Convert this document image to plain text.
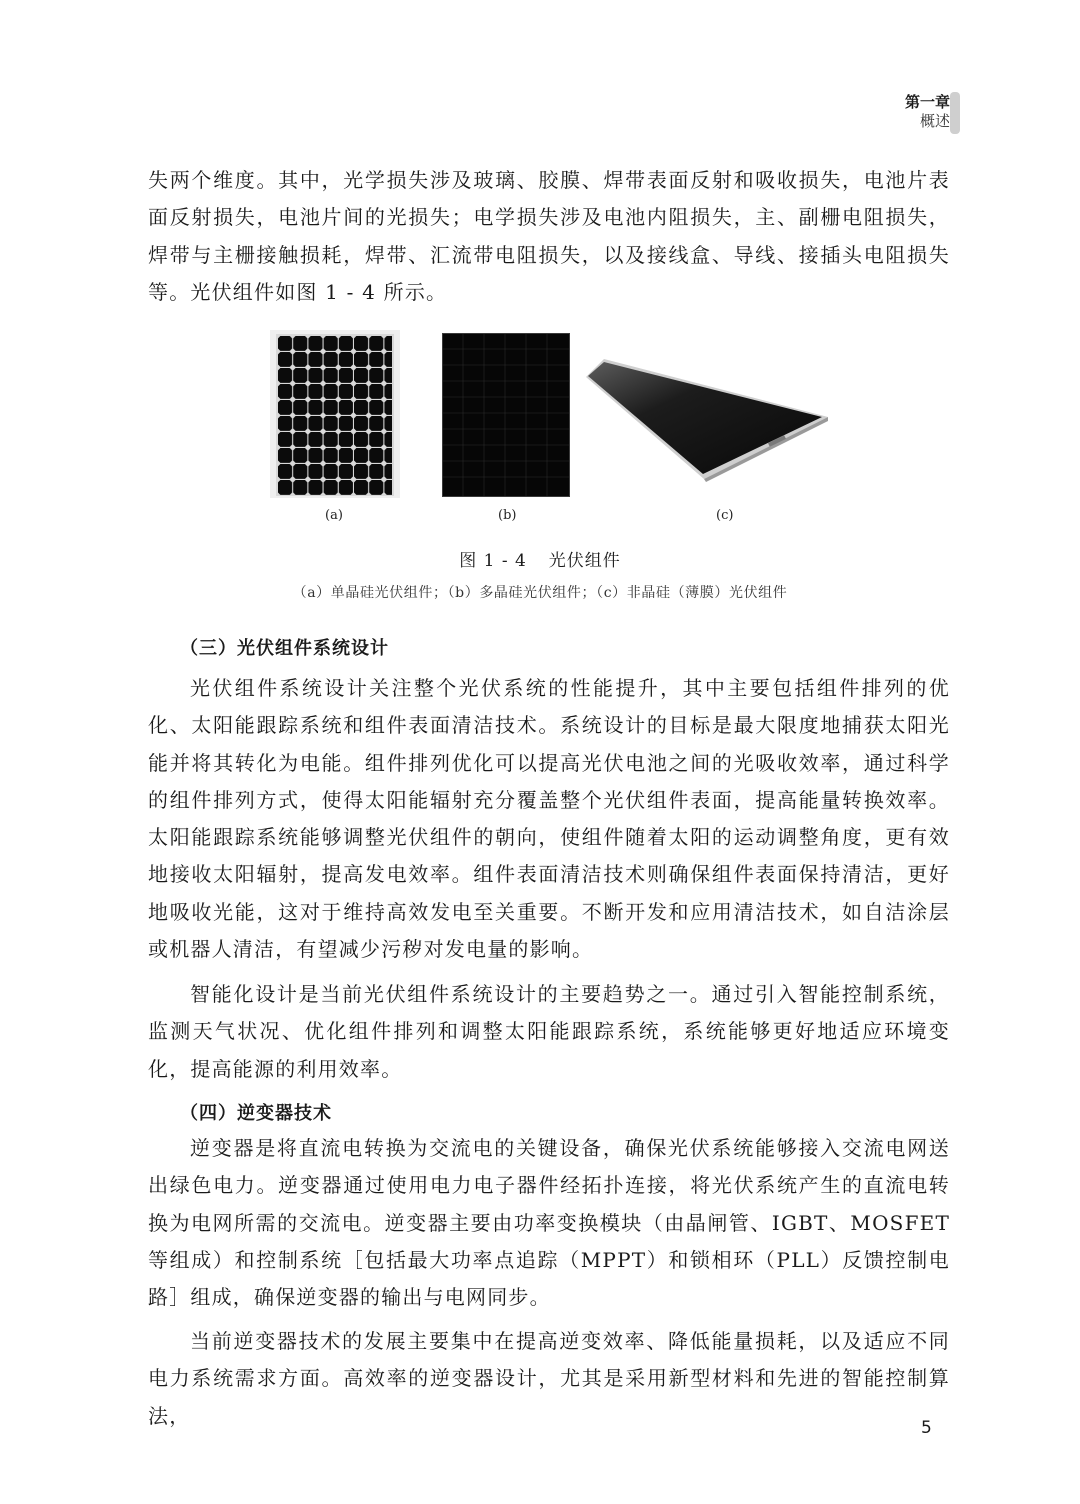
第一章
概述

失两个维度。其中，光学损失涉及玻璃、胶膜、焊带表面反射和吸收损失，电池片表面反射损失，电池片间的光损失；电学损失涉及电池内阻损失，主、副栅电阻损失，焊带与主栅接触损耗，焊带、汇流带电阻损失，以及接线盒、导线、接插头电阻损失等。光伏组件如图 1 - 4 所示。

(a)	(b)	(c)
图 1 - 4 光伏组件
（a）单晶硅光伏组件；（b）多晶硅光伏组件；（c）非晶硅（薄膜）光伏组件
（三）光伏组件系统设计

光伏组件系统设计关注整个光伏系统的性能提升，其中主要包括组件排列的优化、太阳能跟踪系统和组件表面清洁技术。系统设计的目标是最大限度地捕获太阳光能并将其转化为电能。组件排列优化可以提高光伏电池之间的光吸收效率，通过科学的组件排列方式，使得太阳能辐射充分覆盖整个光伏组件表面，提高能量转换效率。太阳能跟踪系统能够调整光伏组件的朝向，使组件随着太阳的运动调整角度，更有效地接收太阳辐射，提高发电效率。组件表面清洁技术则确保组件表面保持清洁，更好地吸收光能，这对于维持高效发电至关重要。不断开发和应用清洁技术，如自洁涂层或机器人清洁，有望减少污秽对发电量的影响。

智能化设计是当前光伏组件系统设计的主要趋势之一。通过引入智能控制系统，监测天气状况、优化组件排列和调整太阳能跟踪系统，系统能够更好地适应环境变化，提高能源的利用效率。

（四）逆变器技术

逆变器是将直流电转换为交流电的关键设备，确保光伏系统能够接入交流电网送出绿色电力。逆变器通过使用电力电子器件经拓扑连接，将光伏系统产生的直流电转换为电网所需的交流电。逆变器主要由功率变换模块（由晶闸管、IGBT、MOSFET 等组成）和控制系统［包括最大功率点追踪（MPPT）和锁相环（PLL）反馈控制电路］组成，确保逆变器的输出与电网同步。

当前逆变器技术的发展主要集中在提高逆变效率、降低能量损耗，以及适应不同电力系统需求方面。高效率的逆变器设计，尤其是采用新型材料和先进的智能控制算法，

5
